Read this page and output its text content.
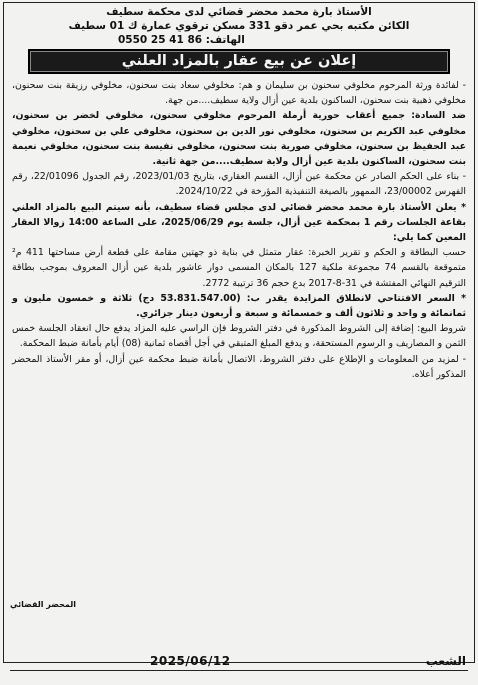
الأستاذ بارة محمد محضر قضائي لدى محكمة سطيف
الكائن مكتبه بحي عمر دقو 331 مسكن ترقوي عمارة ك 01 سطيف
الهاتف: 86 41 25 0550
إعلان عن بيع عقار بالمزاد العلني

- لفائدة ورثة المرحوم مخلوفي سحنون بن سليمان و هم: مخلوفي سعاد بنت سحنون، مخلوفي رزيقة بنت سحنون، مخلوفي ذهبية بنت سحنون، الساكنون بلدية عين أزال ولاية سطيف....من جهة.

ضد السادة: جميع أعقاب حورية أرملة المرحوم مخلوفي سحنون، مخلوفي لخضر بن سحنون، مخلوفي عبد الكريم بن سحنون، مخلوفي نور الدين بن سحنون، مخلوفي علي بن سحنون، مخلوفي عبد الحفيظ بن سحنون، مخلوفي صورية بنت سحنون، مخلوفي نفيسة بنت سحنون، مخلوفي نعيمة بنت سحنون، الساكنون بلدية عين أزال ولاية سطيف....من جهة ثانية.

- بناء على الحكم الصادر عن محكمة عين أزال، القسم العقاري، بتاريخ 2023/01/03، رقم الجدول 22/01096، رقم الفهرس 23/00002، الممهور بالصيغة التنفيذية المؤرخة في 2024/10/22.

* يعلن الأستاذ بارة محمد محضر قضائي لدى مجلس قضاء سطيف، بأنه سيتم البيع بالمزاد العلني بقاعة الجلسات رقم 1 بمحكمة عين أزال، جلسة يوم 2025/06/29، على الساعة 14:00 زوالا العقار المعين كما يلي:

حسب البطاقة و الحكم و تقرير الخبرة: عقار متمثل في بناية ذو جهتين مقامة على قطعة أرض مساحتها 411 م² متموقعة بالقسم 74 مجموعة ملكية 127 بالمكان المسمى دوار عاشور بلدية عين أزال المعروف بموجب بطاقة الترقيم النهائي المفتشة في 31-8-2017 بدع حجم 36 ترتيبة 2772.

* السعر الافتتاحي لانطلاق المزايدة يقدر ب: (53.831.547.00 دج) ثلاثة و خمسون مليون و ثمانمائة و واحد و ثلاثون ألف و خمسمائة و سبعة و أربعون دينار جزائري.

شروط البيع: إضافة إلى الشروط المذكورة في دفتر الشروط فإن الراسي عليه المزاد يدفع حال انعقاد الجلسة خمس الثمن و المصاريف و الرسوم المستحقة، و يدفع المبلغ المتبقي في أجل أقصاه ثمانية (08) أيام بأمانة ضبط المحكمة.

- لمزيد من المعلومات و الإطلاع على دفتر الشروط، الاتصال بأمانة ضبط محكمة عين أزال، أو مقر الأستاذ المحضر المذكور أعلاه.

المحضر القضائي
الشعب
2025/06/12
